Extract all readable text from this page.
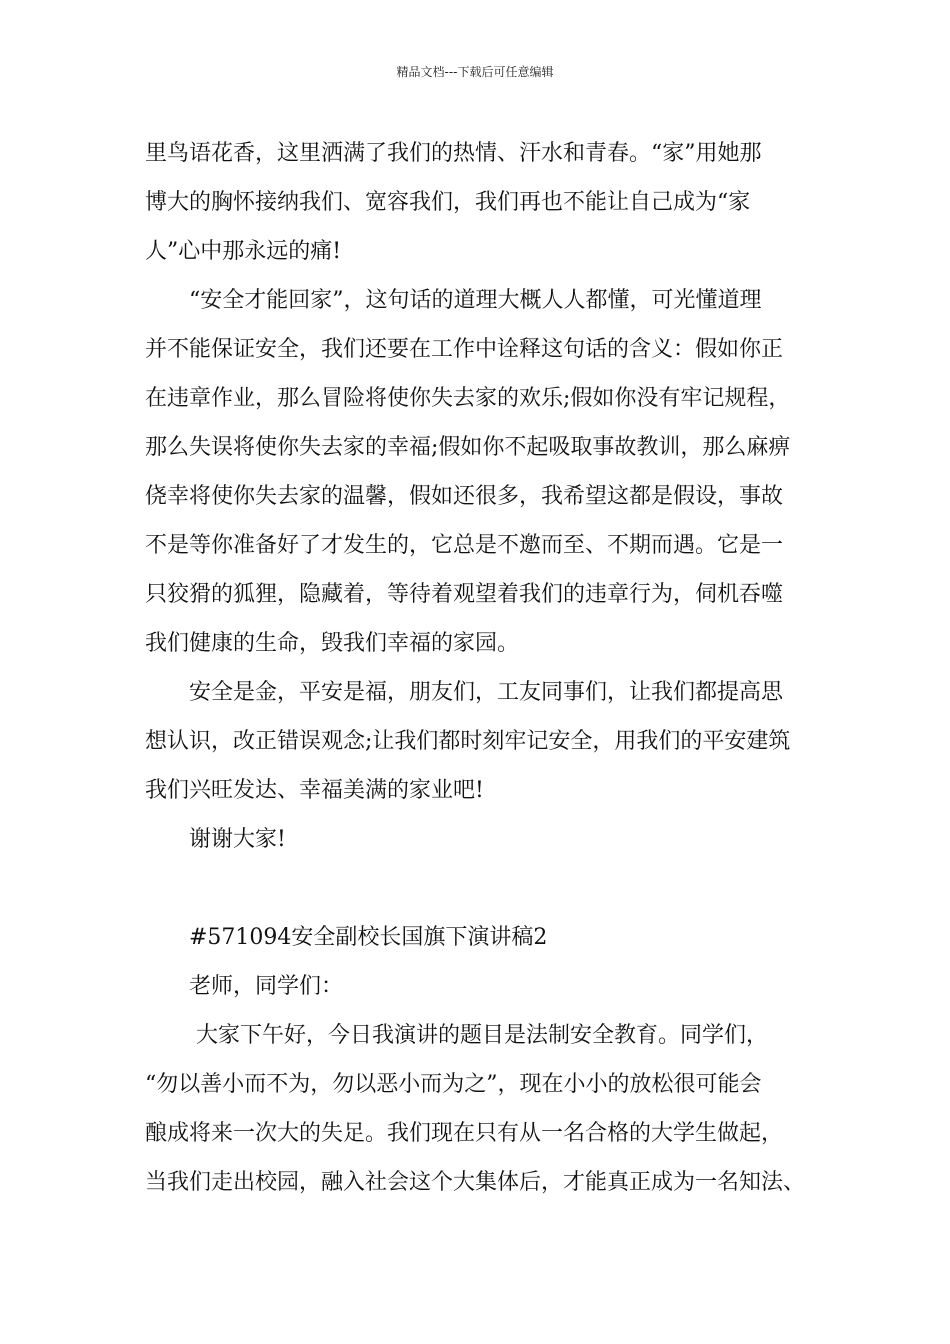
精品文档---下载后可任意编辑
里鸟语花香，这里洒满了我们的热情、汗水和青春。“家”用她那
博大的胸怀接纳我们、宽容我们，我们再也不能让自己成为“家
人”心中那永远的痛!
　　“安全才能回家”，这句话的道理大概人人都懂，可光懂道理
并不能保证安全，我们还要在工作中诠释这句话的含义：假如你正
在违章作业，那么冒险将使你失去家的欢乐;假如你没有牢记规程，
那么失误将使你失去家的幸福;假如你不起吸取事故教训，那么麻痹
侥幸将使你失去家的温馨，假如还很多，我希望这都是假设，事故
不是等你准备好了才发生的，它总是不邀而至、不期而遇。它是一
只狡猾的狐狸，隐藏着，等待着观望着我们的违章行为，伺机吞噬
我们健康的生命，毁我们幸福的家园。
　　安全是金，平安是福，朋友们，工友同事们，让我们都提高思
想认识，改正错误观念;让我们都时刻牢记安全，用我们的平安建筑
我们兴旺发达、幸福美满的家业吧!
　　谢谢大家!
　　#571094安全副校长国旗下演讲稿2
　　老师，同学们：
　　 大家下午好，今日我演讲的题目是法制安全教育。同学们，
“勿以善小而不为，勿以恶小而为之”，现在小小的放松很可能会
酿成将来一次大的失足。我们现在只有从一名合格的大学生做起，
当我们走出校园，融入社会这个大集体后，才能真正成为一名知法、
